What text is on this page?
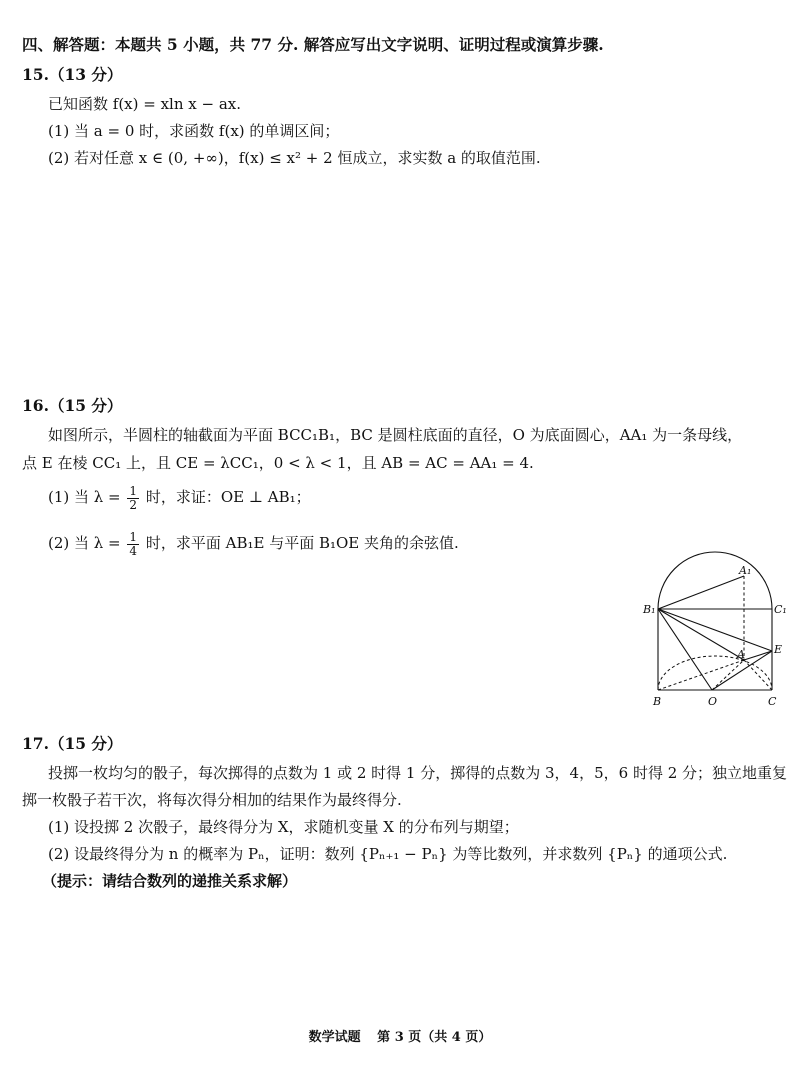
四、解答题：本题共 5 小题，共 77 分. 解答应写出文字说明、证明过程或演算步骤.
15.（13 分）
已知函数 f(x) = xln x − ax.
(1) 当 a = 0 时，求函数 f(x) 的单调区间；
(2) 若对任意 x ∈ (0, +∞)，f(x) ≤ x² + 2 恒成立，求实数 a 的取值范围.
16.（15 分）
如图所示，半圆柱的轴截面为平面 BCC₁B₁，BC 是圆柱底面的直径，O 为底面圆心，AA₁ 为一条母线，
点 E 在棱 CC₁ 上，且 CE = λCC₁，0 < λ < 1，且 AB = AC = AA₁ = 4.
(1) 当 $\lambda = \frac{1}{2}$ 时，求证：OE ⊥ AB₁；
(2) 当 $\lambda = \frac{1}{4}$ 时，求平面 AB₁E 与平面 B₁OE 夹角的余弦值.
B₁
A₁
C₁
A	E
B	O	C
17.（15 分）
投掷一枚均匀的骰子，每次掷得的点数为 1 或 2 时得 1 分，掷得的点数为 3，4，5，6 时得 2 分；独立地重复
掷一枚骰子若干次，将每次得分相加的结果作为最终得分.
(1) 设投掷 2 次骰子，最终得分为 X，求随机变量 X 的分布列与期望；
(2) 设最终得分为 n 的概率为 Pₙ，证明：数列 {Pₙ₊₁ − Pₙ} 为等比数列，并求数列 {Pₙ} 的通项公式.
（提示：请结合数列的递推关系求解）
数学试题 第 3 页（共 4 页）
